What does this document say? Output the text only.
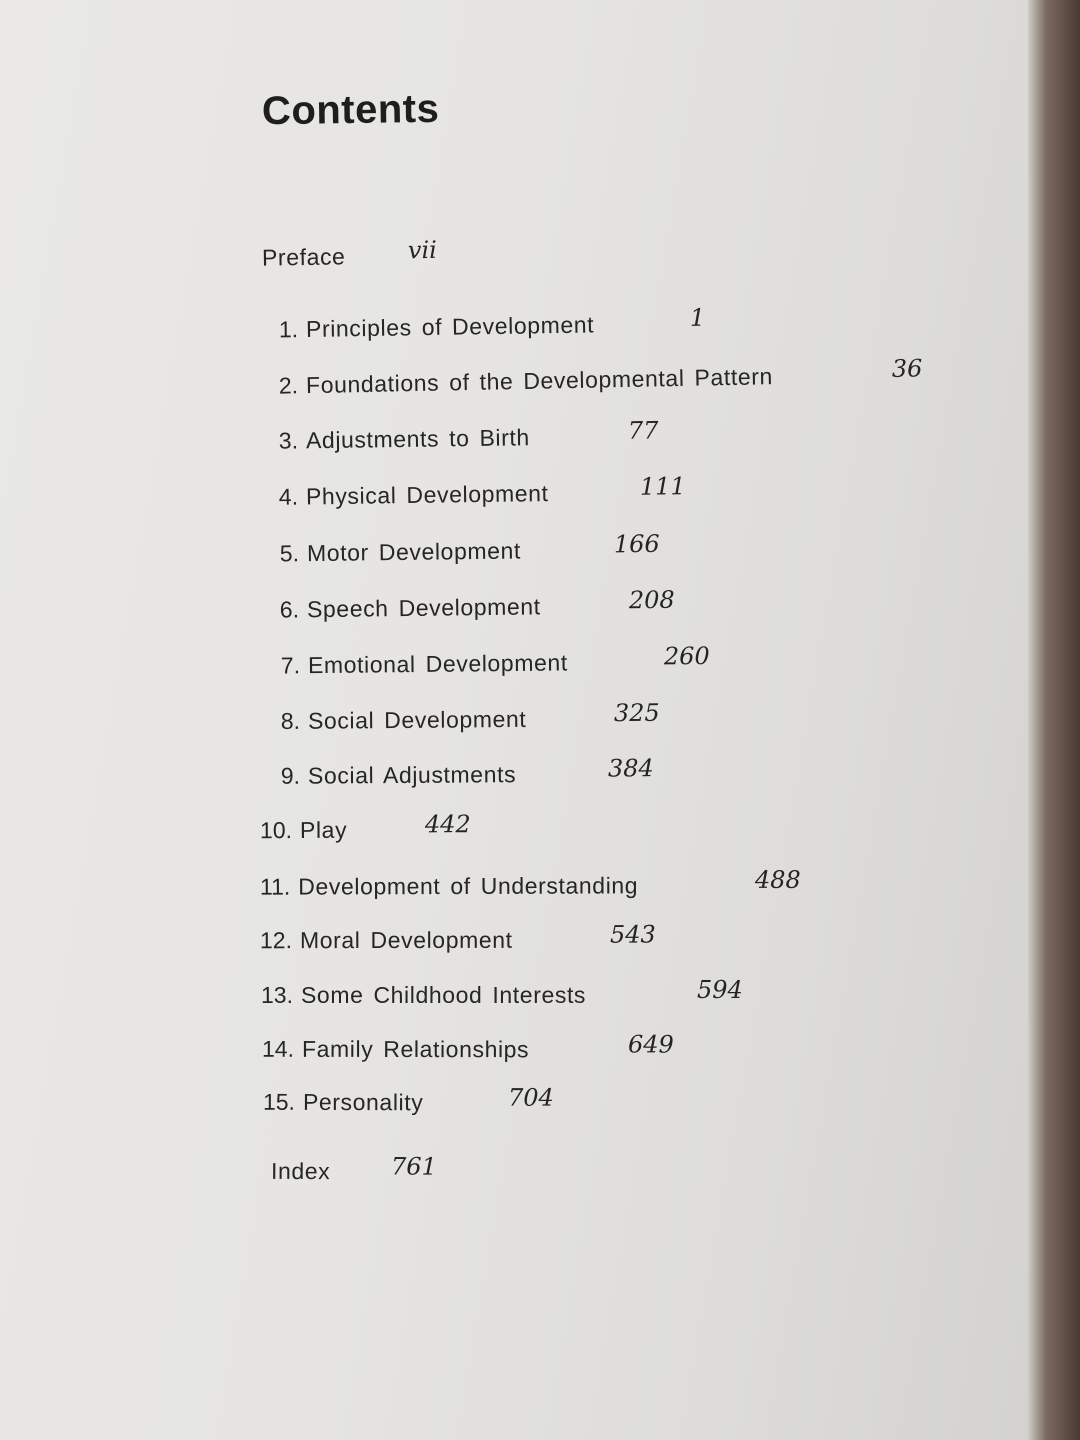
Contents
Preface	vii
1. Principles of Development	1
2. Foundations of the Developmental Pattern	36
3. Adjustments to Birth	77
4. Physical Development	111
5. Motor Development	166
6. Speech Development	208
7. Emotional Development	260
8. Social Development	325
9. Social Adjustments	384
10. Play	442
11. Development of Understanding	488
12. Moral Development	543
13. Some Childhood Interests	594
14. Family Relationships	649
15. Personality	704
Index	761
